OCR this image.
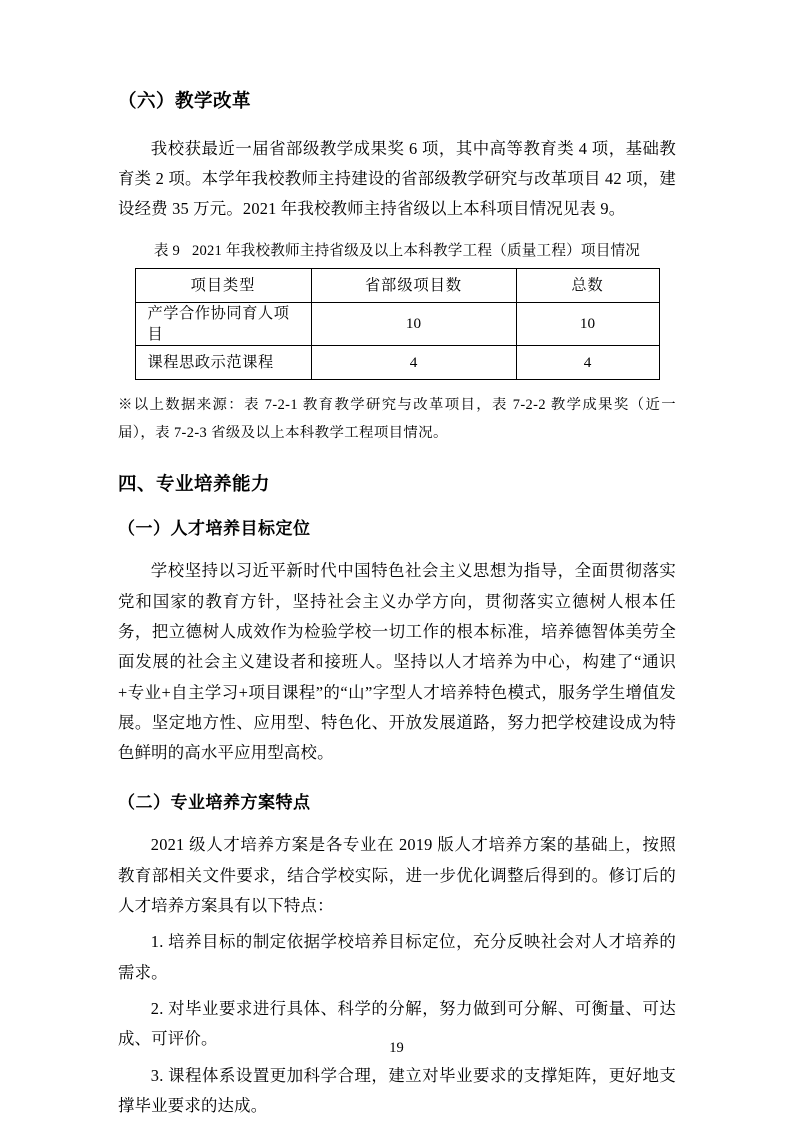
（六）教学改革

我校获最近一届省部级教学成果奖 6 项，其中高等教育类 4 项，基础教育类 2 项。本学年我校教师主持建设的省部级教学研究与改革项目 42 项，建设经费 35 万元。2021 年我校教师主持省级以上本科项目情况见表 9。

表 9 2021 年我校教师主持省级及以上本科教学工程（质量工程）项目情况
项目类型	省部级项目数	总数
产学合作协同育人项目	10	10
课程思政示范课程	4	4

※以上数据来源：表 7-2-1 教育教学研究与改革项目，表 7-2-2 教学成果奖（近一届），表 7-2-3 省级及以上本科教学工程项目情况。

四、专业培养能力
（一）人才培养目标定位

学校坚持以习近平新时代中国特色社会主义思想为指导，全面贯彻落实党和国家的教育方针，坚持社会主义办学方向，贯彻落实立德树人根本任务，把立德树人成效作为检验学校一切工作的根本标准，培养德智体美劳全面发展的社会主义建设者和接班人。坚持以人才培养为中心，构建了“通识+专业+自主学习+项目课程”的“山”字型人才培养特色模式，服务学生增值发展。坚定地方性、应用型、特色化、开放发展道路，努力把学校建设成为特色鲜明的高水平应用型高校。

（二）专业培养方案特点

2021 级人才培养方案是各专业在 2019 版人才培养方案的基础上，按照教育部相关文件要求，结合学校实际，进一步优化调整后得到的。修订后的人才培养方案具有以下特点：

1. 培养目标的制定依据学校培养目标定位，充分反映社会对人才培养的需求。

2. 对毕业要求进行具体、科学的分解，努力做到可分解、可衡量、可达成、可评价。

3. 课程体系设置更加科学合理，建立对毕业要求的支撑矩阵，更好地支撑毕业要求的达成。

19
